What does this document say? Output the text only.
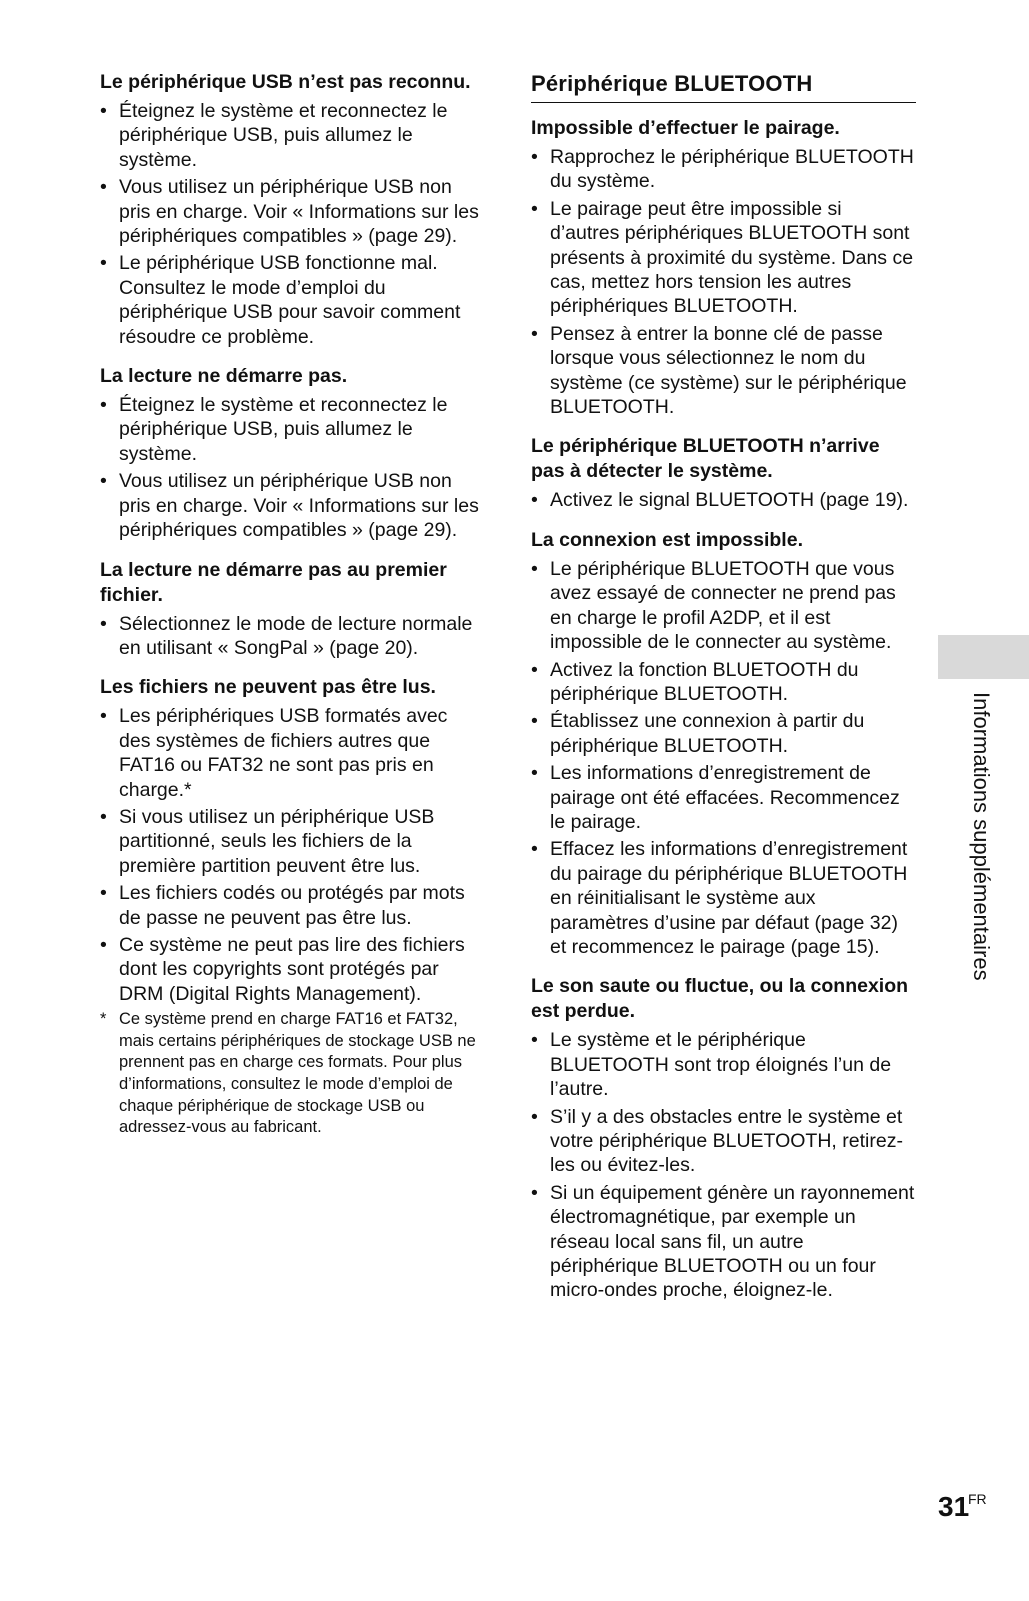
Le périphérique USB n’est pas reconnu.
• Éteignez le système et reconnectez le périphérique USB, puis allumez le système.
• Vous utilisez un périphérique USB non pris en charge. Voir « Informations sur les périphériques compatibles » (page 29).
• Le périphérique USB fonctionne mal. Consultez le mode d’emploi du périphérique USB pour savoir comment résoudre ce problème.
La lecture ne démarre pas.
• Éteignez le système et reconnectez le périphérique USB, puis allumez le système.
• Vous utilisez un périphérique USB non pris en charge. Voir « Informations sur les périphériques compatibles » (page 29).
La lecture ne démarre pas au premier fichier.
• Sélectionnez le mode de lecture normale en utilisant « SongPal » (page 20).
Les fichiers ne peuvent pas être lus.
• Les périphériques USB formatés avec des systèmes de fichiers autres que FAT16 ou FAT32 ne sont pas pris en charge.*
• Si vous utilisez un périphérique USB partitionné, seuls les fichiers de la première partition peuvent être lus.
• Les fichiers codés ou protégés par mots de passe ne peuvent pas être lus.
• Ce système ne peut pas lire des fichiers dont les copyrights sont protégés par DRM (Digital Rights Management).
* Ce système prend en charge FAT16 et FAT32, mais certains périphériques de stockage USB ne prennent pas en charge ces formats. Pour plus d’informations, consultez le mode d’emploi de chaque périphérique de stockage USB ou adressez-vous au fabricant.
Périphérique BLUETOOTH
Impossible d’effectuer le pairage.
• Rapprochez le périphérique BLUETOOTH du système.
• Le pairage peut être impossible si d’autres périphériques BLUETOOTH sont présents à proximité du système. Dans ce cas, mettez hors tension les autres périphériques BLUETOOTH.
• Pensez à entrer la bonne clé de passe lorsque vous sélectionnez le nom du système (ce système) sur le périphérique BLUETOOTH.
Le périphérique BLUETOOTH n’arrive pas à détecter le système.
• Activez le signal BLUETOOTH (page 19).
La connexion est impossible.
• Le périphérique BLUETOOTH que vous avez essayé de connecter ne prend pas en charge le profil A2DP, et il est impossible de le connecter au système.
• Activez la fonction BLUETOOTH du périphérique BLUETOOTH.
• Établissez une connexion à partir du périphérique BLUETOOTH.
• Les informations d’enregistrement de pairage ont été effacées. Recommencez le pairage.
• Effacez les informations d’enregistrement du pairage du périphérique BLUETOOTH en réinitialisant le système aux paramètres d’usine par défaut (page 32) et recommencez le pairage (page 15).
Le son saute ou fluctue, ou la connexion est perdue.
• Le système et le périphérique BLUETOOTH sont trop éloignés l’un de l’autre.
• S’il y a des obstacles entre le système et votre périphérique BLUETOOTH, retirez-les ou évitez-les.
• Si un équipement génère un rayonnement électromagnétique, par exemple un réseau local sans fil, un autre périphérique BLUETOOTH ou un four micro-ondes proche, éloignez-le.
Informations supplémentaires
31
FR
